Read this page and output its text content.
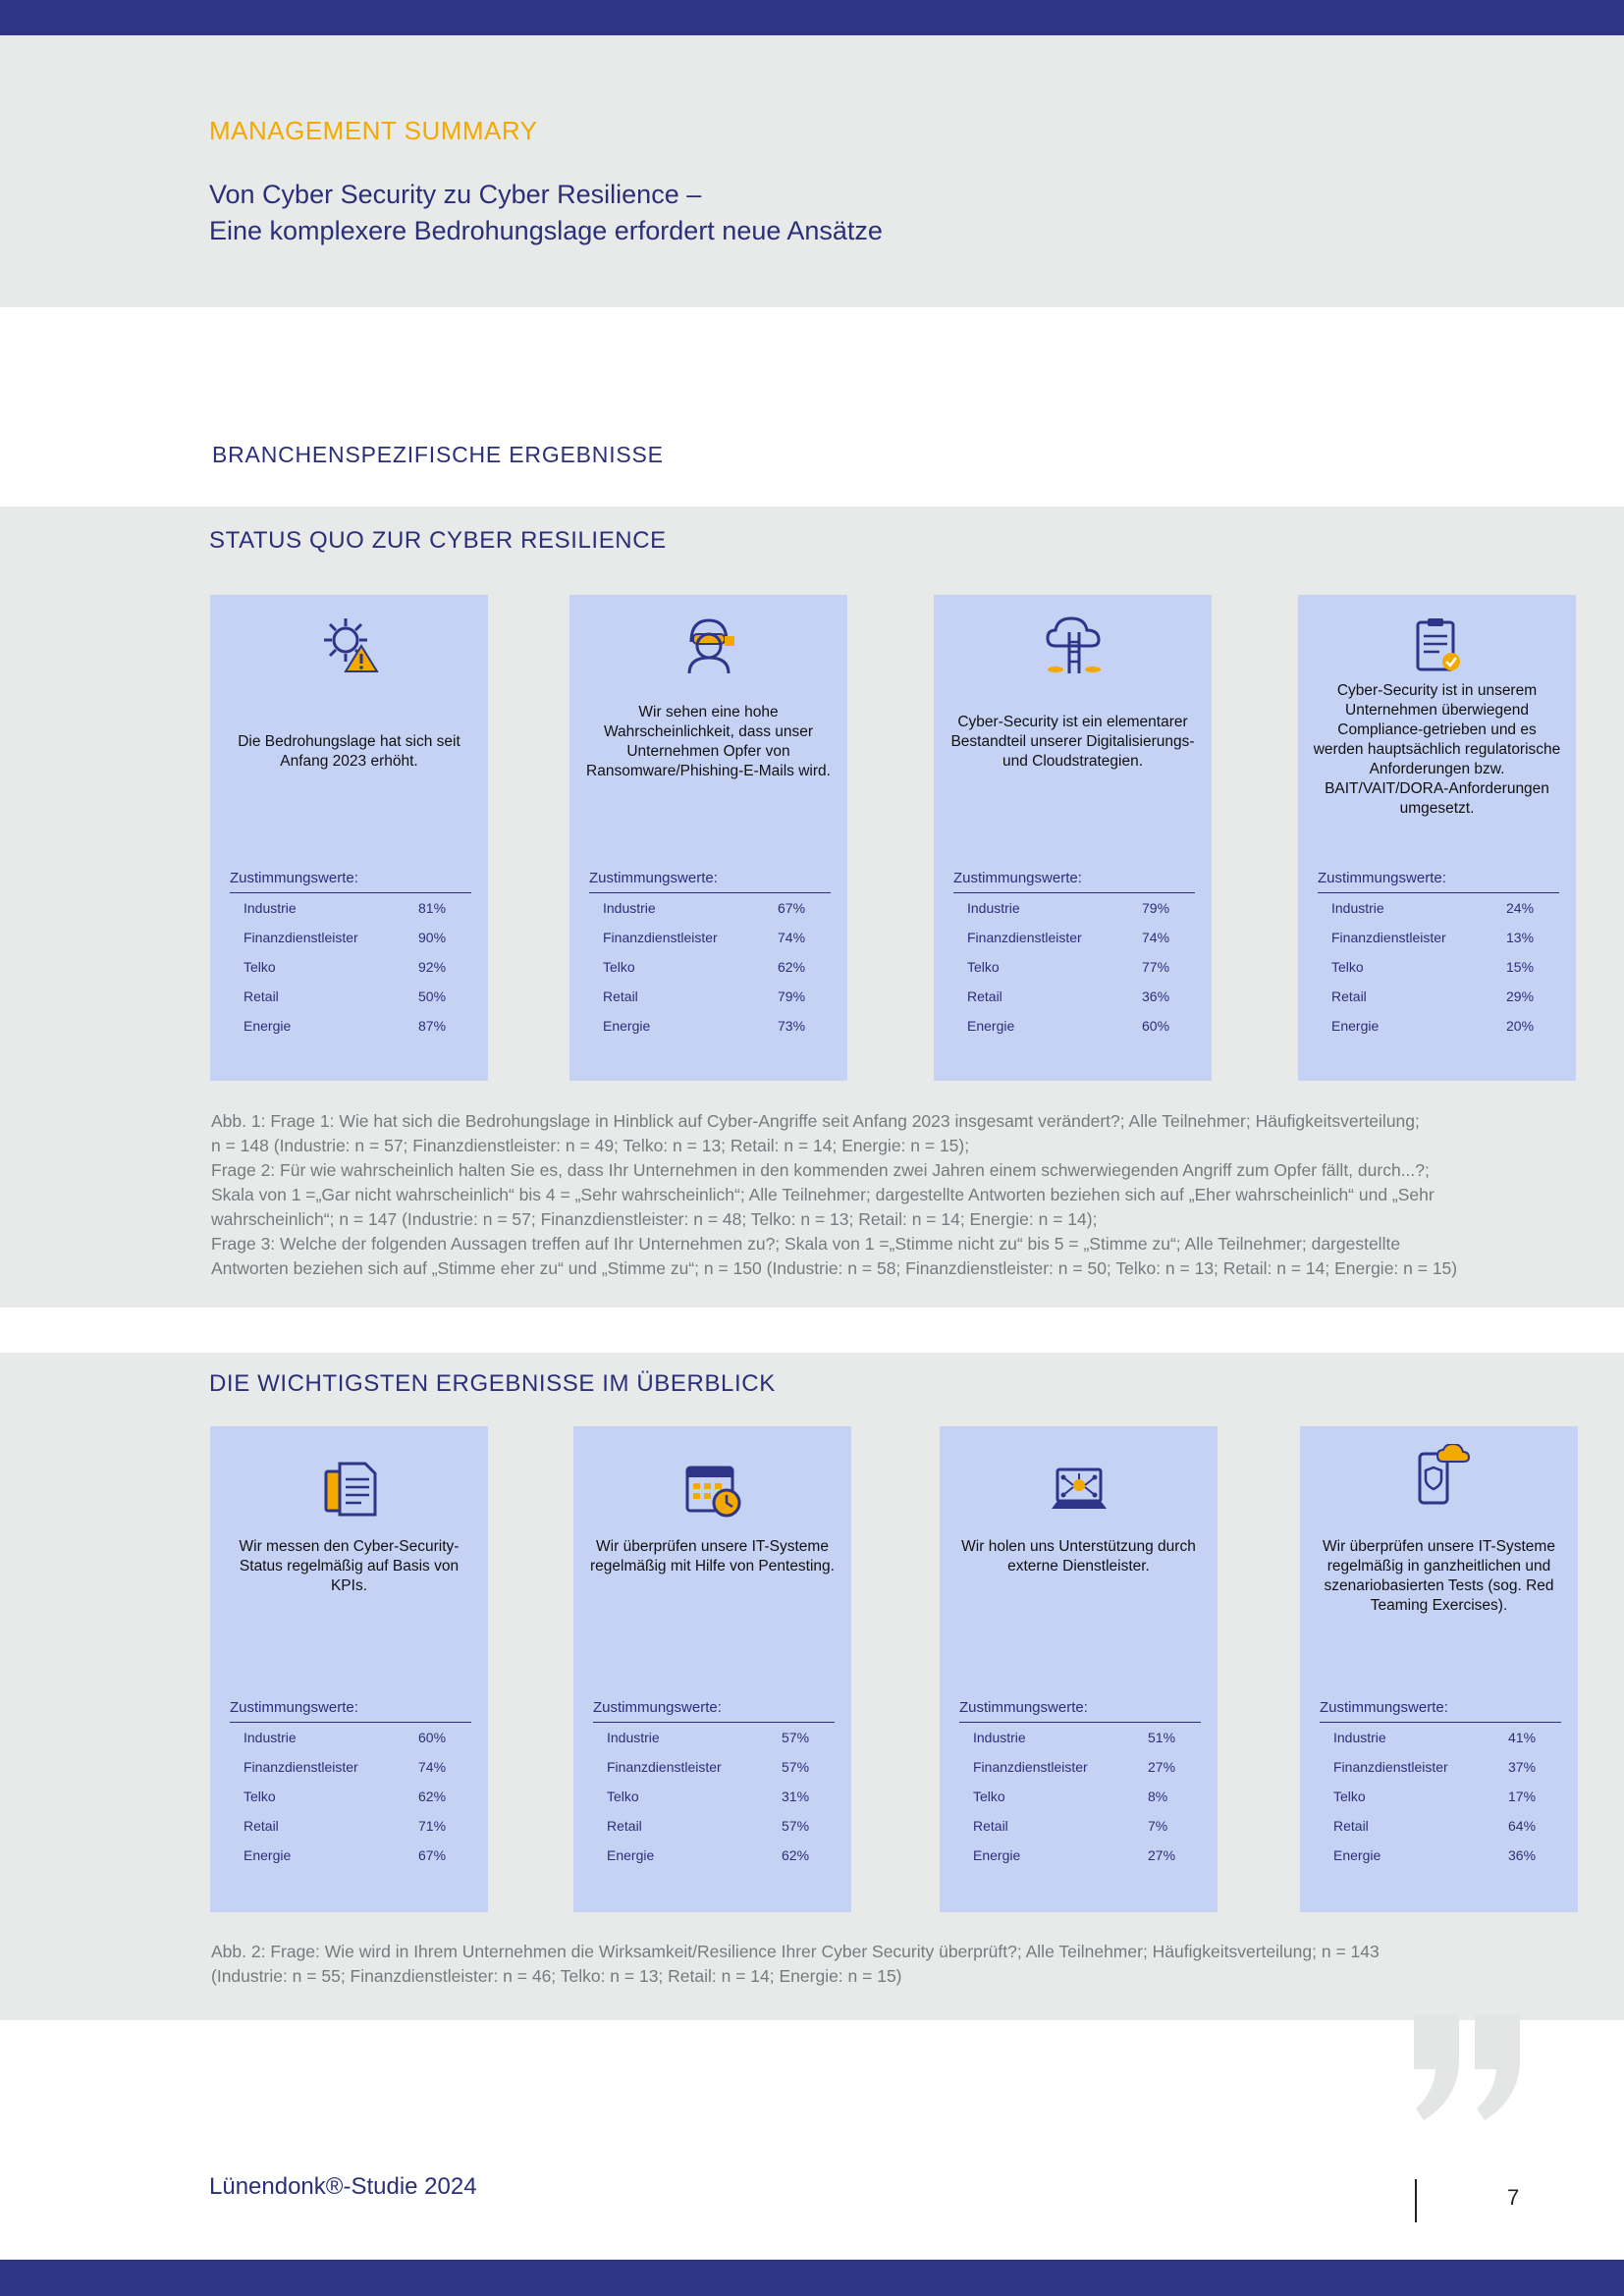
MANAGEMENT SUMMARY

Von Cyber Security zu Cyber Resilience –
Eine komplexere Bedrohungslage erfordert neue Ansätze
BRANCHENSPEZIFISCHE ERGEBNISSE
STATUS QUO ZUR CYBER RESILIENCE
Die Bedrohungslage hat sich seit Anfang 2023 erhöht.
Zustimmungswerte:
Industrie	81%
Finanzdienstleister	90%
Telko	92%
Retail	50%
Energie	87%
Wir sehen eine hohe Wahrscheinlichkeit, dass unser Unternehmen Opfer von Ransomware/Phishing-E-Mails wird.
Zustimmungswerte:
Industrie	67%
Finanzdienstleister	74%
Telko	62%
Retail	79%
Energie	73%
Cyber-Security ist ein elementarer Bestandteil unserer Digitalisierungs- und Cloudstrategien.
Zustimmungswerte:
Industrie	79%
Finanzdienstleister	74%
Telko	77%
Retail	36%
Energie	60%
Cyber-Security ist in unserem Unternehmen überwiegend Compliance-getrieben und es werden hauptsächlich regulatorische Anforderungen bzw. BAIT/VAIT/DORA-Anforderungen umgesetzt.
Zustimmungswerte:
Industrie	24%
Finanzdienstleister	13%
Telko	15%
Retail	29%
Energie	20%
Abb. 1: Frage 1: Wie hat sich die Bedrohungslage in Hinblick auf Cyber-Angriffe seit Anfang 2023 insgesamt verändert?; Alle Teilnehmer; Häufigkeitsverteilung;
n = 148 (Industrie: n = 57; Finanzdienstleister: n = 49; Telko: n = 13; Retail: n = 14; Energie: n = 15);
Frage 2: Für wie wahrscheinlich halten Sie es, dass Ihr Unternehmen in den kommenden zwei Jahren einem schwerwiegenden Angriff zum Opfer fällt, durch...?;
Skala von 1 =„Gar nicht wahrscheinlich“ bis 4 = „Sehr wahrscheinlich“; Alle Teilnehmer; dargestellte Antworten beziehen sich auf „Eher wahrscheinlich“ und „Sehr
wahrscheinlich“; n = 147 (Industrie: n = 57; Finanzdienstleister: n = 48; Telko: n = 13; Retail: n = 14; Energie: n = 14);
Frage 3: Welche der folgenden Aussagen treffen auf Ihr Unternehmen zu?; Skala von 1 =„Stimme nicht zu“ bis 5 = „Stimme zu“; Alle Teilnehmer; dargestellte
Antworten beziehen sich auf „Stimme eher zu“ und „Stimme zu“; n = 150 (Industrie: n = 58; Finanzdienstleister: n = 50; Telko: n = 13; Retail: n = 14; Energie: n = 15)
DIE WICHTIGSTEN ERGEBNISSE IM ÜBERBLICK
Wir messen den Cyber-Security-Status regelmäßig auf Basis von KPIs.
Zustimmungswerte:
Industrie	60%
Finanzdienstleister	74%
Telko	62%
Retail	71%
Energie	67%
Wir überprüfen unsere IT-Systeme regelmäßig mit Hilfe von Pentesting.
Zustimmungswerte:
Industrie	57%
Finanzdienstleister	57%
Telko	31%
Retail	57%
Energie	62%
Wir holen uns Unterstützung durch externe Dienstleister.
Zustimmungswerte:
Industrie	51%
Finanzdienstleister	27%
Telko	8%
Retail	7%
Energie	27%
Wir überprüfen unsere IT-Systeme regelmäßig in ganzheitlichen und szenariobasierten Tests (sog. Red Teaming Exercises).
Zustimmungswerte:
Industrie	41%
Finanzdienstleister	37%
Telko	17%
Retail	64%
Energie	36%
Abb. 2: Frage: Wie wird in Ihrem Unternehmen die Wirksamkeit/Resilience Ihrer Cyber Security überprüft?; Alle Teilnehmer; Häufigkeitsverteilung; n = 143
(Industrie: n = 55; Finanzdienstleister: n = 46; Telko: n = 13; Retail: n = 14; Energie: n = 15)

Lünendonk®-Studie 2024	7
